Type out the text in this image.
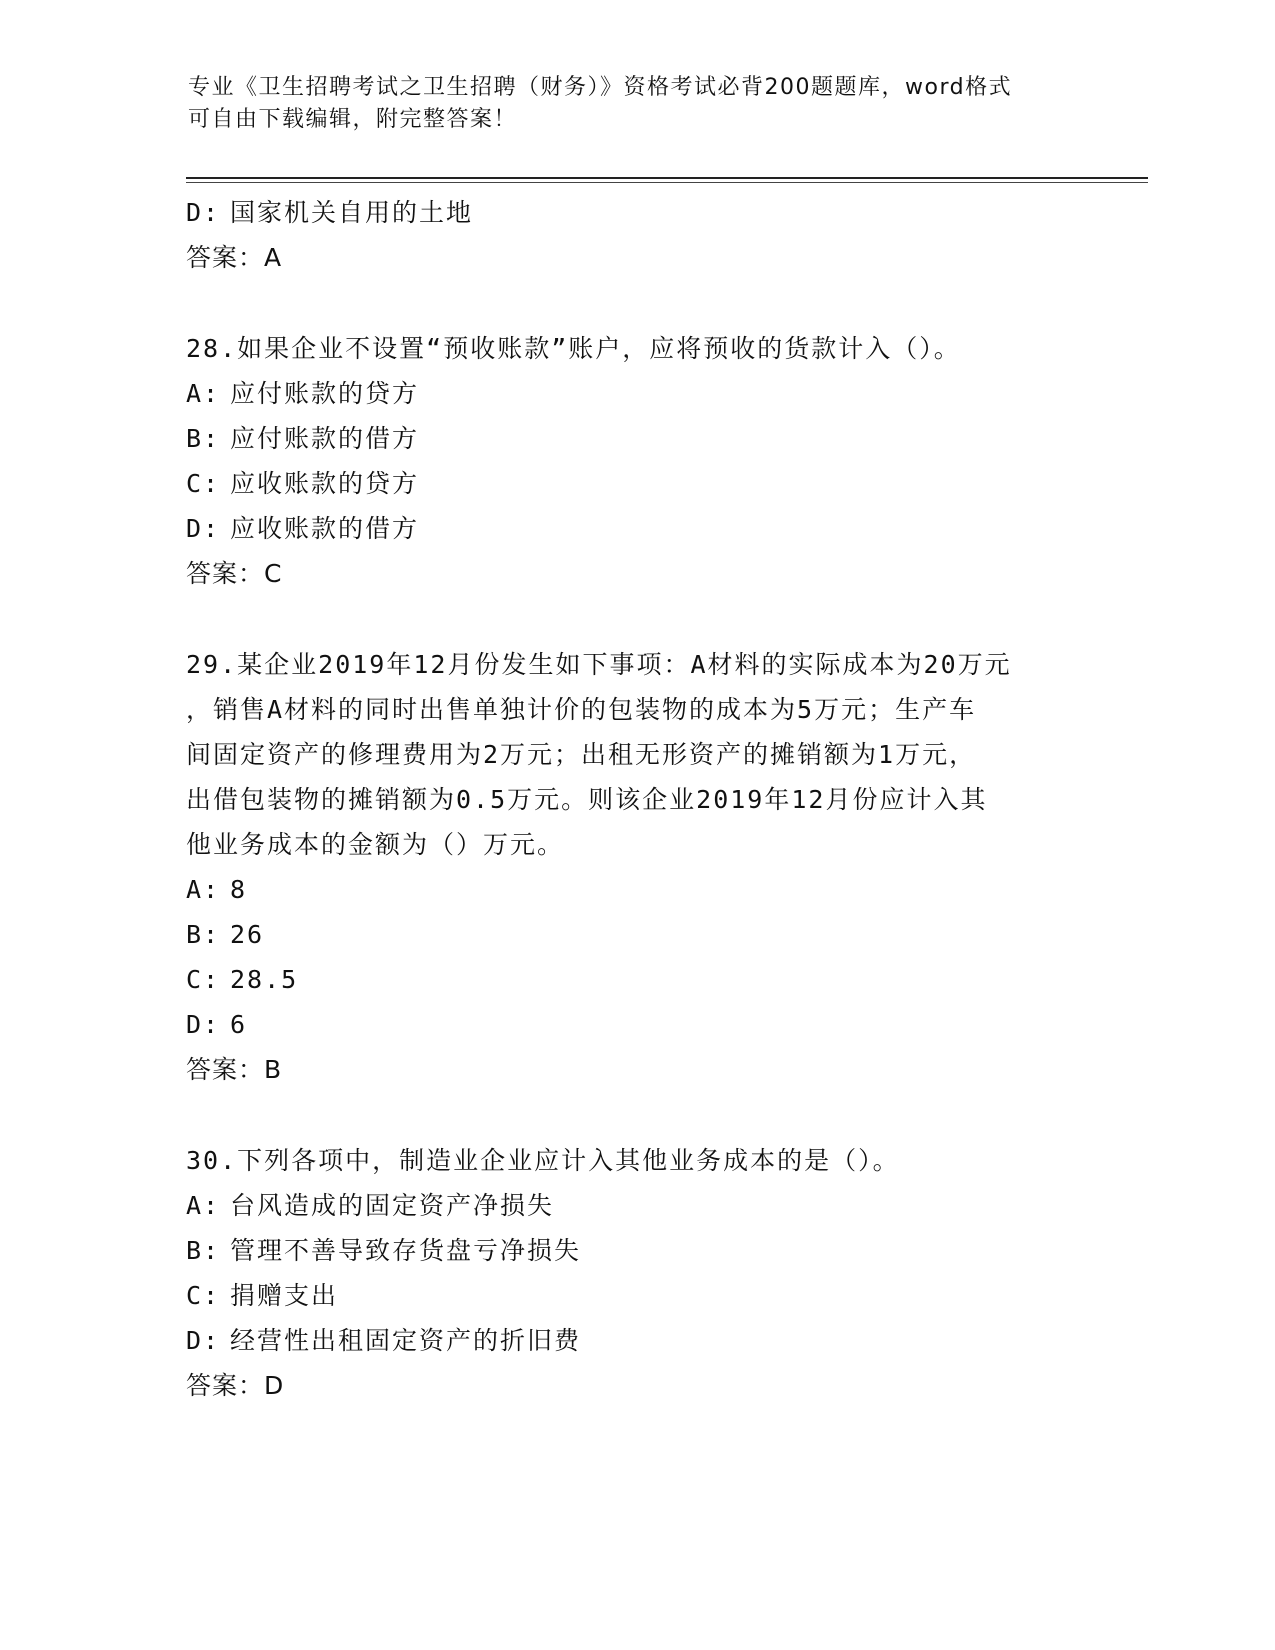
专业《卫生招聘考试之卫生招聘（财务）》资格考试必背200题题库，word格式
可自由下载编辑，附完整答案！
D: 国家机关自用的土地
答案：A
28.如果企业不设置“预收账款”账户，应将预收的货款计入（）。
A: 应付账款的贷方
B: 应付账款的借方
C: 应收账款的贷方
D: 应收账款的借方
答案：C
29.某企业2019年12月份发生如下事项：A材料的实际成本为20万元
，销售A材料的同时出售单独计价的包装物的成本为5万元；生产车
间固定资产的修理费用为2万元；出租无形资产的摊销额为1万元，
出借包装物的摊销额为0.5万元。则该企业2019年12月份应计入其
他业务成本的金额为（）万元。
A: 8
B: 26
C: 28.5
D: 6
答案：B
30.下列各项中，制造业企业应计入其他业务成本的是（）。
A: 台风造成的固定资产净损失
B: 管理不善导致存货盘亏净损失
C: 捐赠支出
D: 经营性出租固定资产的折旧费
答案：D
